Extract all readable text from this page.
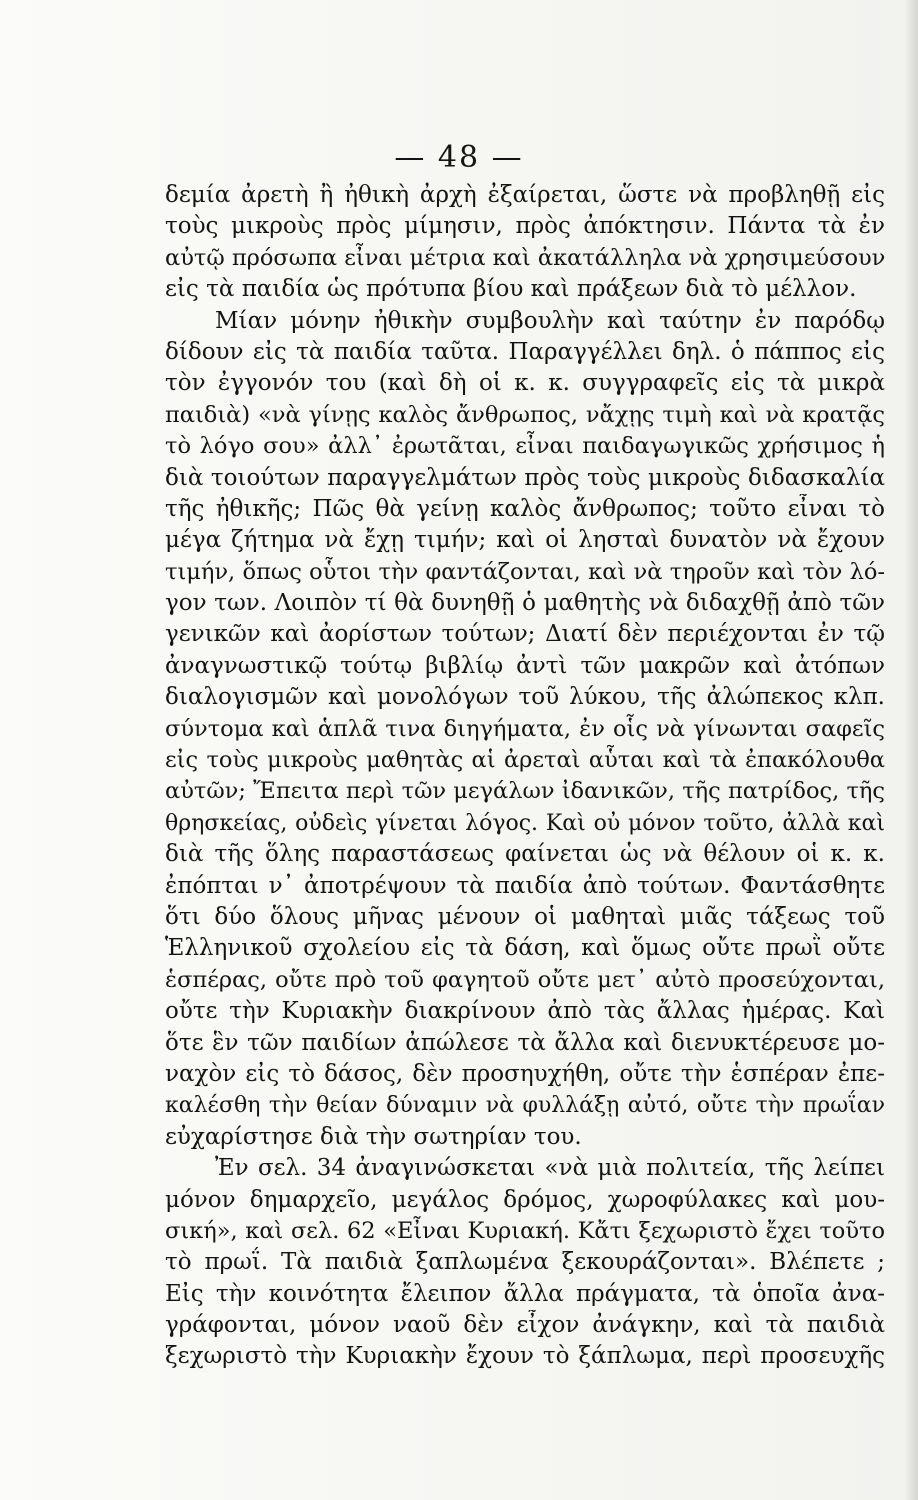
— 48 —
δεμία ἀρετὴ ἢ ἠθικὴ ἀρχὴ ἐξαίρεται, ὥστε νὰ προβληθῇ εἰς
τοὺς μικροὺς πρὸς μίμησιν, πρὸς ἀπόκτησιν. Πάντα τὰ ἐν
αὐτῷ πρόσωπα εἶναι μέτρια καὶ ἀκατάλληλα νὰ χρησιμεύσουν
εἰς τὰ παιδία ὡς πρότυπα βίου καὶ πράξεων διὰ τὸ μέλλον.
Μίαν μόνην ἠθικὴν συμβουλὴν καὶ ταύτην ἐν παρόδῳ
δίδουν εἰς τὰ παιδία ταῦτα. Παραγγέλλει δηλ. ὁ πάππος εἰς
τὸν ἐγγονόν του (καὶ δὴ οἱ κ. κ. συγγραφεῖς εἰς τὰ μικρὰ
παιδιὰ) «νὰ γίνῃς καλὸς ἄνθρωπος, νἄχῃς τιμὴ καὶ νὰ κρατᾷς
τὸ λόγο σου» ἀλλ᾿ ἐρωτᾶται, εἶναι παιδαγωγικῶς χρήσιμος ἡ
διὰ τοιούτων παραγγελμάτων πρὸς τοὺς μικροὺς διδασκαλία
τῆς ἠθικῆς; Πῶς θὰ γείνῃ καλὸς ἄνθρωπος; τοῦτο εἶναι τὸ
μέγα ζήτημα νὰ ἔχῃ τιμήν; καὶ οἱ λησταὶ δυνατὸν νὰ ἔχουν
τιμήν, ὅπως οὗτοι τὴν φαντάζονται, καὶ νὰ τηροῦν καὶ τὸν λό-
γον των. Λοιπὸν τί θὰ δυνηθῇ ὁ μαθητὴς νὰ διδαχθῇ ἀπὸ τῶν
γενικῶν καὶ ἀορίστων τούτων; Διατί δὲν περιέχονται ἐν τῷ
ἀναγνωστικῷ τούτῳ βιβλίῳ ἀντὶ τῶν μακρῶν καὶ ἀτόπων
διαλογισμῶν καὶ μονολόγων τοῦ λύκου, τῆς ἀλώπεκος κλπ.
σύντομα καὶ ἁπλᾶ τινα διηγήματα, ἐν οἷς νὰ γίνωνται σαφεῖς
εἰς τοὺς μικροὺς μαθητὰς αἱ ἀρεταὶ αὗται καὶ τὰ ἐπακόλουθα
αὐτῶν; Ἔπειτα περὶ τῶν μεγάλων ἰδανικῶν, τῆς πατρίδος, τῆς
θρησκείας, οὐδεὶς γίνεται λόγος. Καὶ οὐ μόνον τοῦτο, ἀλλὰ καὶ
διὰ τῆς ὅλης παραστάσεως φαίνεται ὡς νὰ θέλουν οἱ κ. κ.
ἐπόπται ν᾿ ἀποτρέψουν τὰ παιδία ἀπὸ τούτων. Φαντάσθητε
ὅτι δύο ὅλους μῆνας μένουν οἱ μαθηταὶ μιᾶς τάξεως τοῦ
Ἑλληνικοῦ σχολείου εἰς τὰ δάση, καὶ ὅμως οὔτε πρωῒ οὔτε
ἑσπέρας, οὔτε πρὸ τοῦ φαγητοῦ οὔτε μετ᾿ αὐτὸ προσεύχονται,
οὔτε τὴν Κυριακὴν διακρίνουν ἀπὸ τὰς ἄλλας ἡμέρας. Καὶ
ὅτε ἓν τῶν παιδίων ἀπώλεσε τὰ ἄλλα καὶ διενυκτέρευσε μο-
ναχὸν εἰς τὸ δάσος, δὲν προσηυχήθη, οὔτε τὴν ἑσπέραν ἐπε-
καλέσθη τὴν θείαν δύναμιν νὰ φυλλάξῃ αὐτό, οὔτε τὴν πρωΐαν
εὐχαρίστησε διὰ τὴν σωτηρίαν του.
Ἐν σελ. 34 ἀναγινώσκεται «νὰ μιὰ πολιτεία, τῆς λείπει
μόνον δημαρχεῖο, μεγάλος δρόμος, χωροφύλακες καὶ μου-
σική», καὶ σελ. 62 «Εἶναι Κυριακή. Κἄτι ξεχωριστὸ ἔχει τοῦτο
τὸ πρωΐ. Τὰ παιδιὰ ξαπλωμένα ξεκουράζονται». Βλέπετε ;
Εἰς τὴν κοινότητα ἔλειπον ἄλλα πράγματα, τὰ ὁποῖα ἀνα-
γράφονται, μόνον ναοῦ δὲν εἶχον ἀνάγκην, καὶ τὰ παιδιὰ
ξεχωριστὸ τὴν Κυριακὴν ἔχουν τὸ ξάπλωμα, περὶ προσευχῆς
